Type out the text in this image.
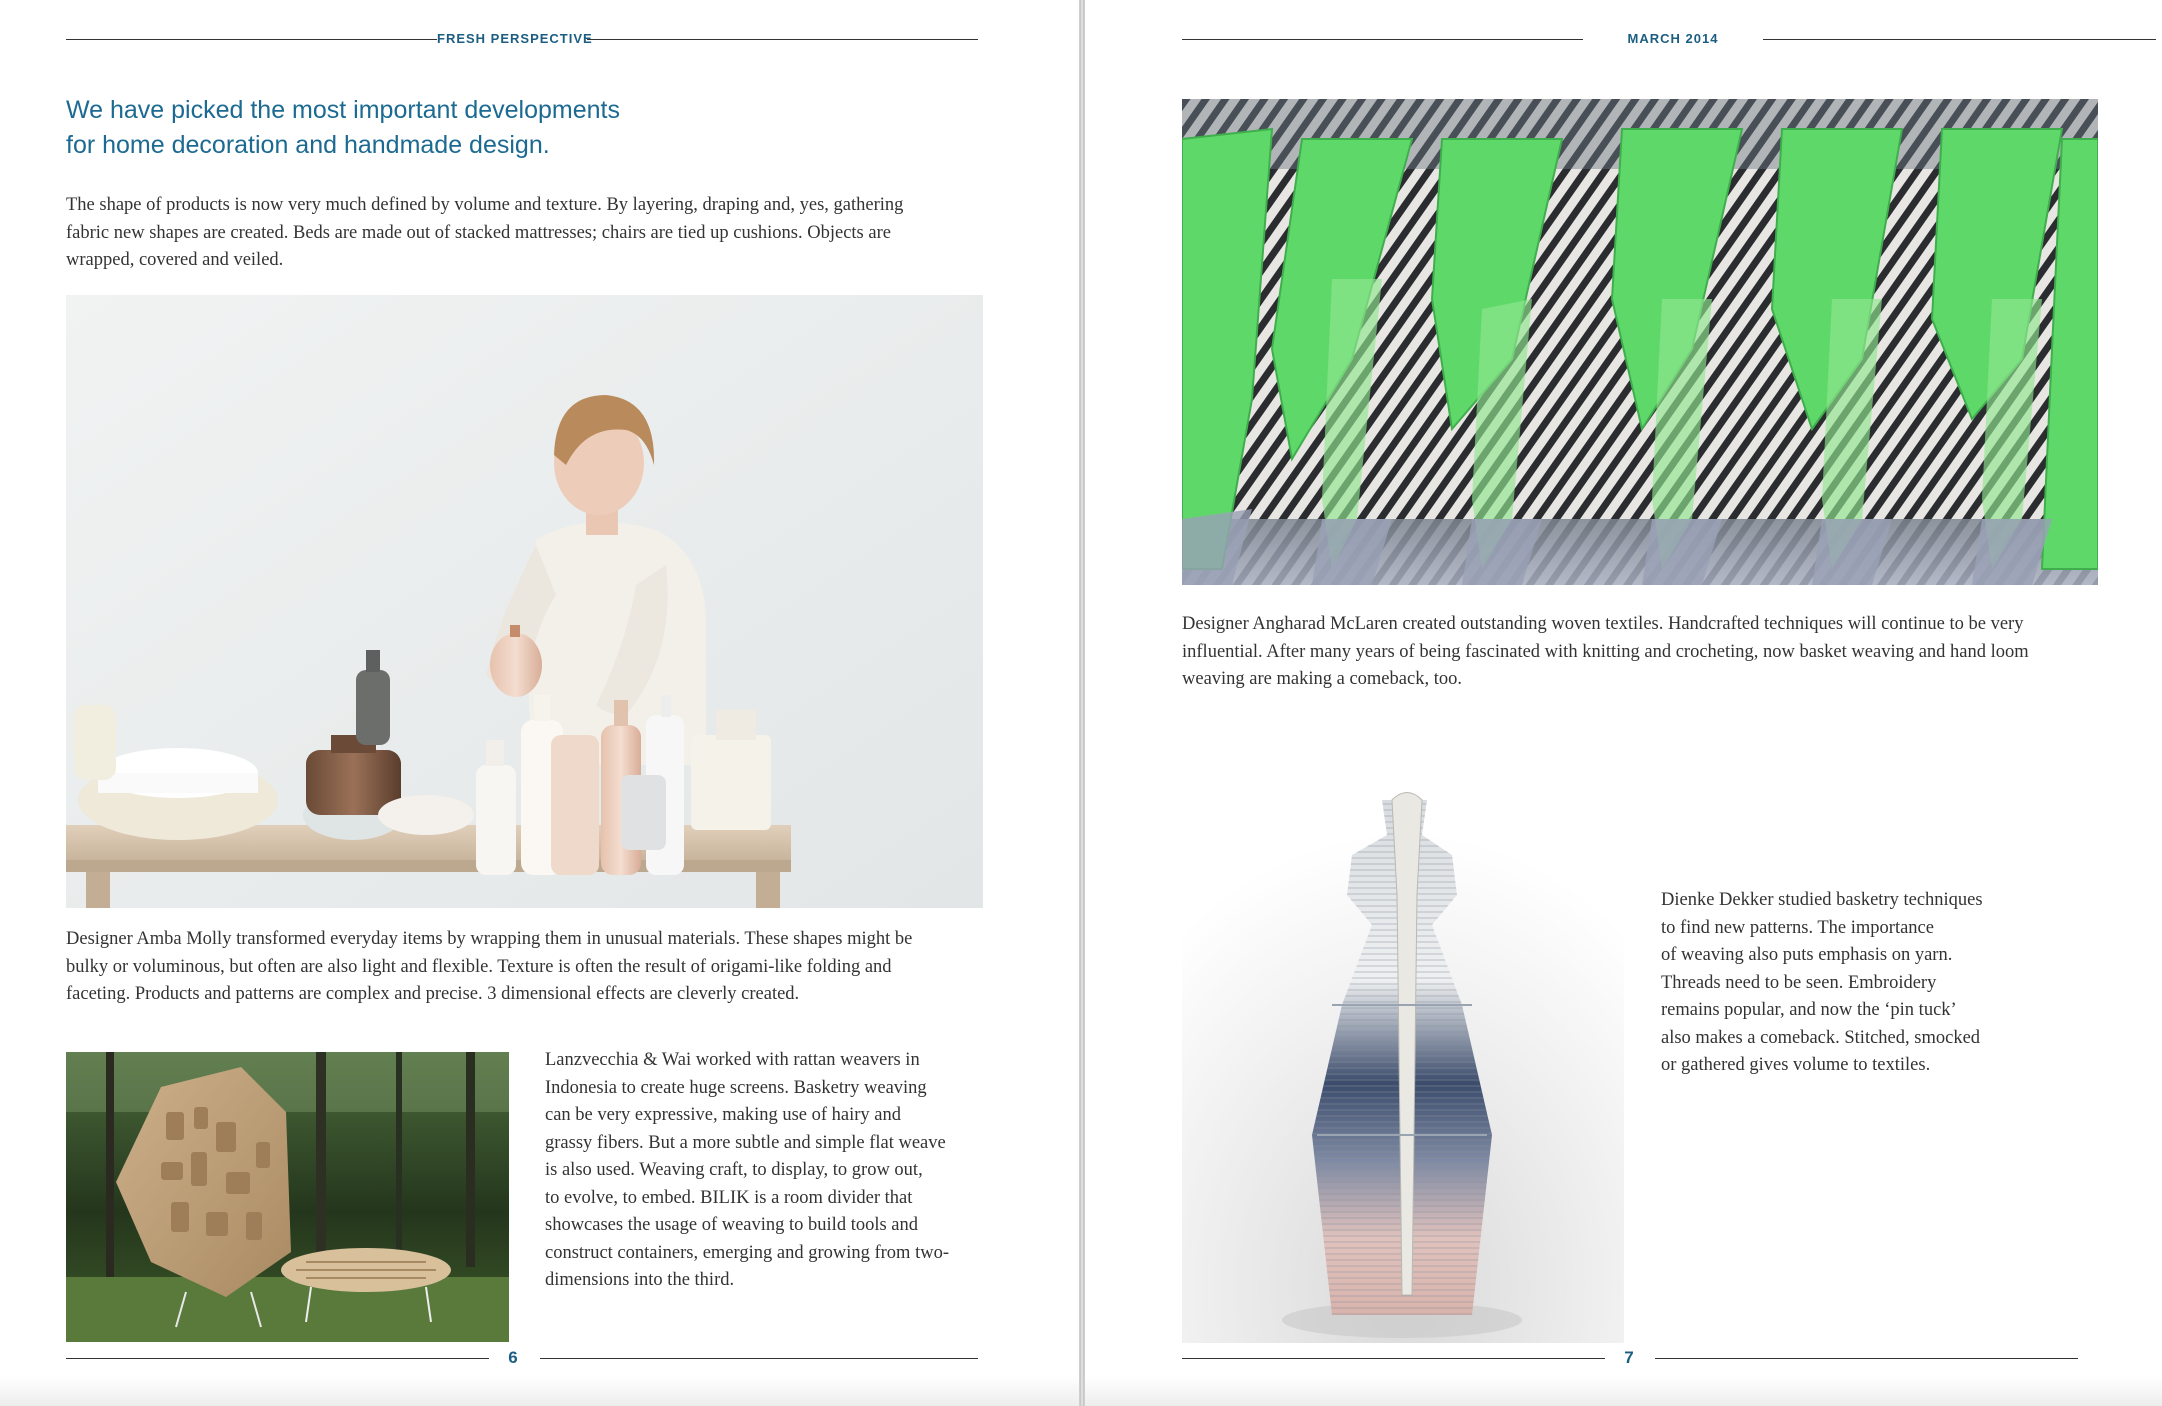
FRESH PERSPECTIVE
We have picked the most important developments
for home decoration and handmade design.

The shape of products is now very much defined by volume and texture. By layering, draping and, yes, gathering
fabric new shapes are created. Beds are made out of stacked mattresses; chairs are tied up cushions. Objects are
wrapped, covered and veiled.

Designer Amba Molly transformed everyday items by wrapping them in unusual materials. These shapes might be
bulky or voluminous, but often are also light and flexible. Texture is often the result of origami-like folding and
faceting. Products and patterns are complex and precise. 3 dimensional effects are cleverly created.

Lanzvecchia & Wai worked with rattan weavers in
Indonesia to create huge screens. Basketry weaving
can be very expressive, making use of hairy and
grassy fibers. But a more subtle and simple flat weave
is also used. Weaving craft, to display, to grow out,
to evolve, to embed. BILIK is a room divider that
showcases the usage of weaving to build tools and
construct containers, emerging and growing from two-
dimensions into the third.

6
MARCH 2014

Designer Angharad McLaren created outstanding woven textiles. Handcrafted techniques will continue to be very
influential. After many years of being fascinated with knitting and crocheting, now basket weaving and hand loom
weaving are making a comeback, too.

Dienke Dekker studied basketry techniques
to find new patterns. The importance
of weaving also puts emphasis on yarn.
Threads need to be seen. Embroidery
remains popular, and now the ‘pin tuck’
also makes a comeback. Stitched, smocked
or gathered gives volume to textiles.

7
